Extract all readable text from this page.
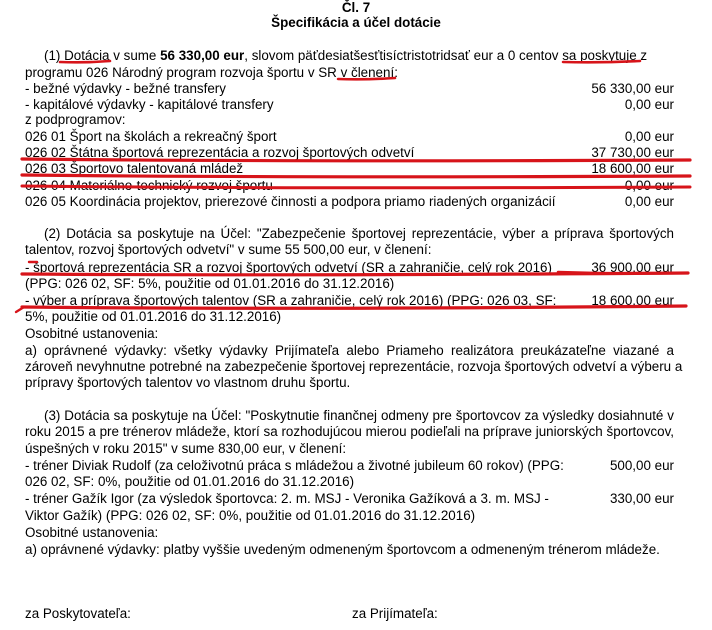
Čl. 7
Špecifikácia a účel dotácie
(1) Dotácia v sume 56 330,00 eur, slovom päťdesiatšesťtisíctristotridsať eur a 0 centov sa poskytuje z
programu 026 Národný program rozvoja športu v SR v členení:
- bežné výdavky - bežné transfery	56 330,00 eur
- kapitálové výdavky - kapitálové transfery	0,00 eur
z podprogramov:
026 01 Šport na školách a rekreačný šport	0,00 eur
026 02 Štátna športová reprezentácia a rozvoj športových odvetví	37 730,00 eur
026 03 Športovo talentovaná mládež	18 600,00 eur
026 04 Materiálno-technický rozvoj športu	0,00 eur
026 05 Koordinácia projektov, prierezové činnosti a podpora priamo riadených organizácií	0,00 eur
(2) Dotácia sa poskytuje na Účel: "Zabezpečenie športovej reprezentácie, výber a príprava športových
talentov, rozvoj športových odvetví" v sume 55 500,00 eur, v členení:
- športová reprezentácia SR a rozvoj športových odvetví (SR a zahraničie, celý rok 2016)	36 900,00 eur
(PPG: 026 02, SF: 5%, použitie od 01.01.2016 do 31.12.2016)
- výber a príprava športových talentov (SR a zahraničie, celý rok 2016) (PPG: 026 03, SF:	18 600,00 eur
5%, použitie od 01.01.2016 do 31.12.2016)
Osobitné ustanovenia:
a) oprávnené výdavky: všetky výdavky Prijímateľa alebo Priameho realizátora preukázateľne viazané a
zároveň nevyhnutne potrebné na zabezpečenie športovej reprezentácie, rozvoja športových odvetví a výberu a
prípravy športových talentov vo vlastnom druhu športu.
(3) Dotácia sa poskytuje na Účel: "Poskytnutie finančnej odmeny pre športovcov za výsledky dosiahnuté v
roku 2015 a pre trénerov mládeže, ktorí sa rozhodujúcou mierou podieľali na príprave juniorských športovcov,
úspešných v roku 2015" v sume 830,00 eur, v členení:
- tréner Diviak Rudolf (za celoživotnú práca s mládežou a životné jubileum 60 rokov) (PPG:	500,00 eur
026 02, SF: 0%, použitie od 01.01.2016 do 31.12.2016)
- tréner Gažík Igor (za výsledok športovca: 2. m. MSJ - Veronika Gažíková a 3. m. MSJ -	330,00 eur
Viktor Gažík) (PPG: 026 02, SF: 0%, použitie od 01.01.2016 do 31.12.2016)
Osobitné ustanovenia:
a) oprávnené výdavky: platby vyššie uvedeným odmeneným športovcom a odmeneným trénerom mládeže.
za Poskytovateľa:	za Prijímateľa:
